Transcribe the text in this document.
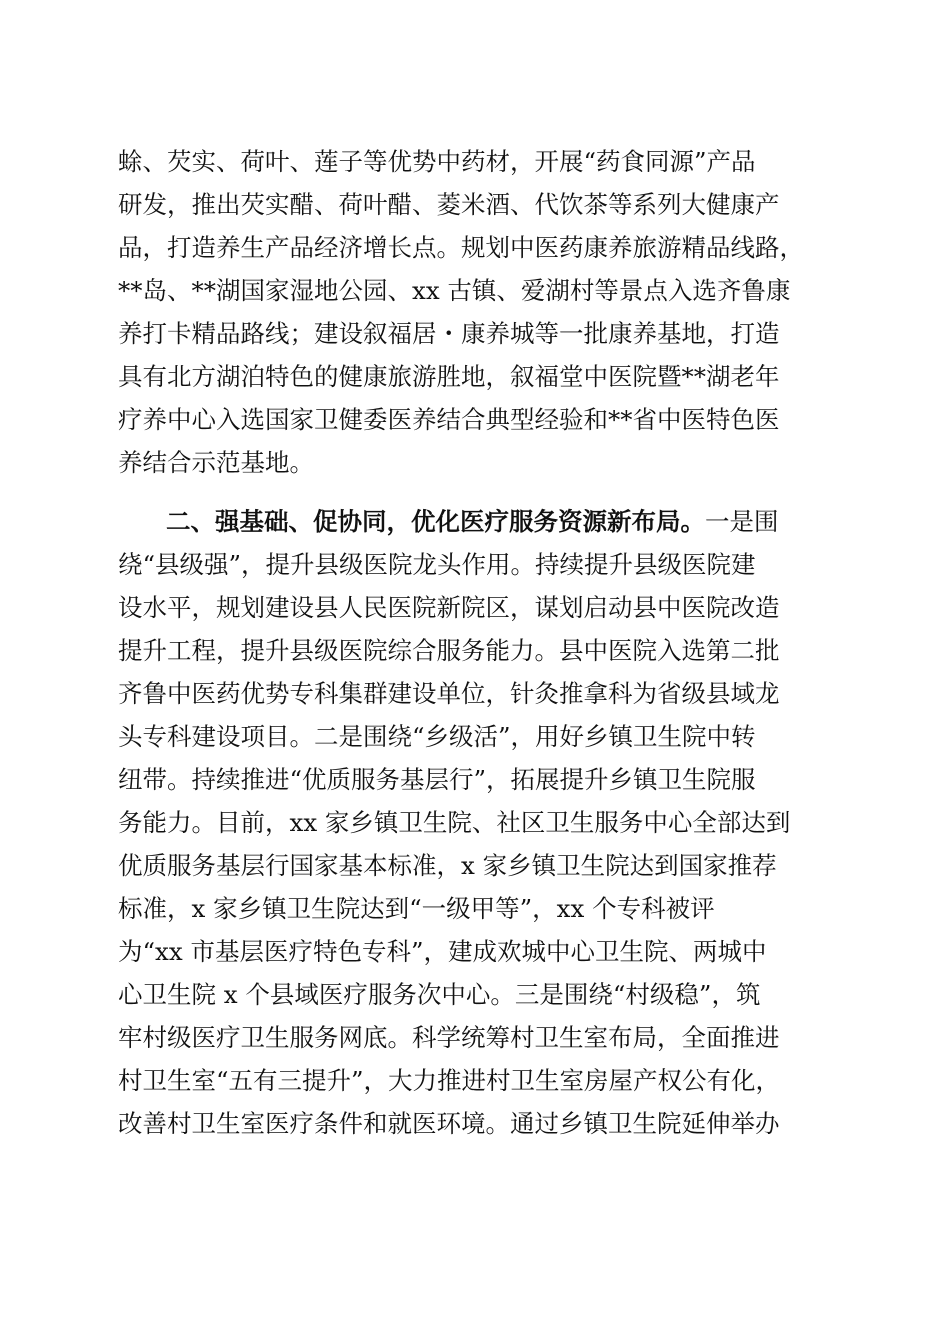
蜍、芡实、荷叶、莲子等优势中药材，开展“药食同源”产品
研发，推出芡实醋、荷叶醋、菱米酒、代饮茶等系列大健康产
品，打造养生产品经济增长点。规划中医药康养旅游精品线路，
**岛、**湖国家湿地公园、xx 古镇、爱湖村等景点入选齐鲁康
养打卡精品路线；建设叙福居・康养城等一批康养基地，打造
具有北方湖泊特色的健康旅游胜地，叙福堂中医院暨**湖老年
疗养中心入选国家卫健委医养结合典型经验和**省中医特色医
养结合示范基地。
二、强基础、促协同，优化医疗服务资源新布局。一是围
绕“县级强”，提升县级医院龙头作用。持续提升县级医院建
设水平，规划建设县人民医院新院区，谋划启动县中医院改造
提升工程，提升县级医院综合服务能力。县中医院入选第二批
齐鲁中医药优势专科集群建设单位，针灸推拿科为省级县域龙
头专科建设项目。二是围绕“乡级活”，用好乡镇卫生院中转
纽带。持续推进“优质服务基层行”，拓展提升乡镇卫生院服
务能力。目前，xx 家乡镇卫生院、社区卫生服务中心全部达到
优质服务基层行国家基本标准，x 家乡镇卫生院达到国家推荐
标准，x 家乡镇卫生院达到“一级甲等”，xx 个专科被评
为“xx 市基层医疗特色专科”，建成欢城中心卫生院、两城中
心卫生院 x 个县域医疗服务次中心。三是围绕“村级稳”，筑
牢村级医疗卫生服务网底。科学统筹村卫生室布局，全面推进
村卫生室“五有三提升”，大力推进村卫生室房屋产权公有化，
改善村卫生室医疗条件和就医环境。通过乡镇卫生院延伸举办
